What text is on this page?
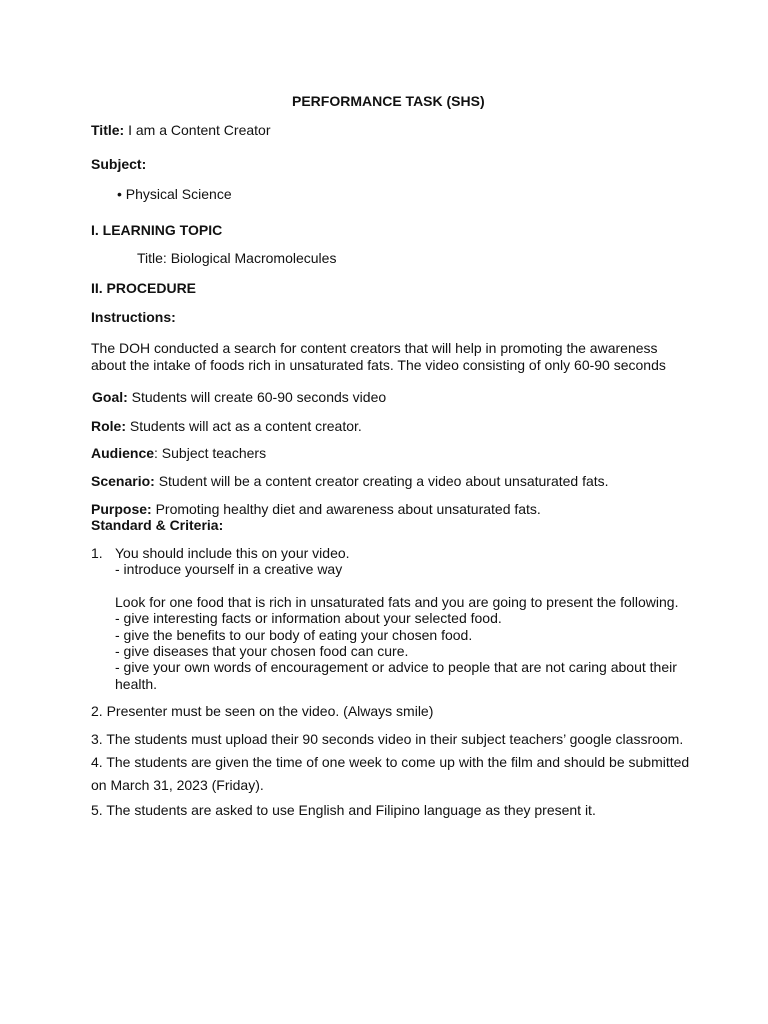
PERFORMANCE TASK (SHS)
Title: I am a Content Creator
Subject:
• Physical Science
I. LEARNING TOPIC
Title: Biological Macromolecules
II. PROCEDURE
Instructions:
The DOH conducted a search for content creators that will help in promoting the awareness
about the intake of foods rich in unsaturated fats. The video consisting of only 60-90 seconds
Goal: Students will create 60-90 seconds video
Role: Students will act as a content creator.
Audience: Subject teachers
Scenario: Student will be a content creator creating a video about unsaturated fats.
Purpose: Promoting healthy diet and awareness about unsaturated fats.
Standard & Criteria:
1. You should include this on your video.
- introduce yourself in a creative way
Look for one food that is rich in unsaturated fats and you are going to present the following.
- give interesting facts or information about your selected food.
- give the benefits to our body of eating your chosen food.
- give diseases that your chosen food can cure.
- give your own words of encouragement or advice to people that are not caring about their
health.
2. Presenter must be seen on the video. (Always smile)
3. The students must upload their 90 seconds video in their subject teachers’ google classroom.
4. The students are given the time of one week to come up with the film and should be submitted
on March 31, 2023 (Friday).
5. The students are asked to use English and Filipino language as they present it.
